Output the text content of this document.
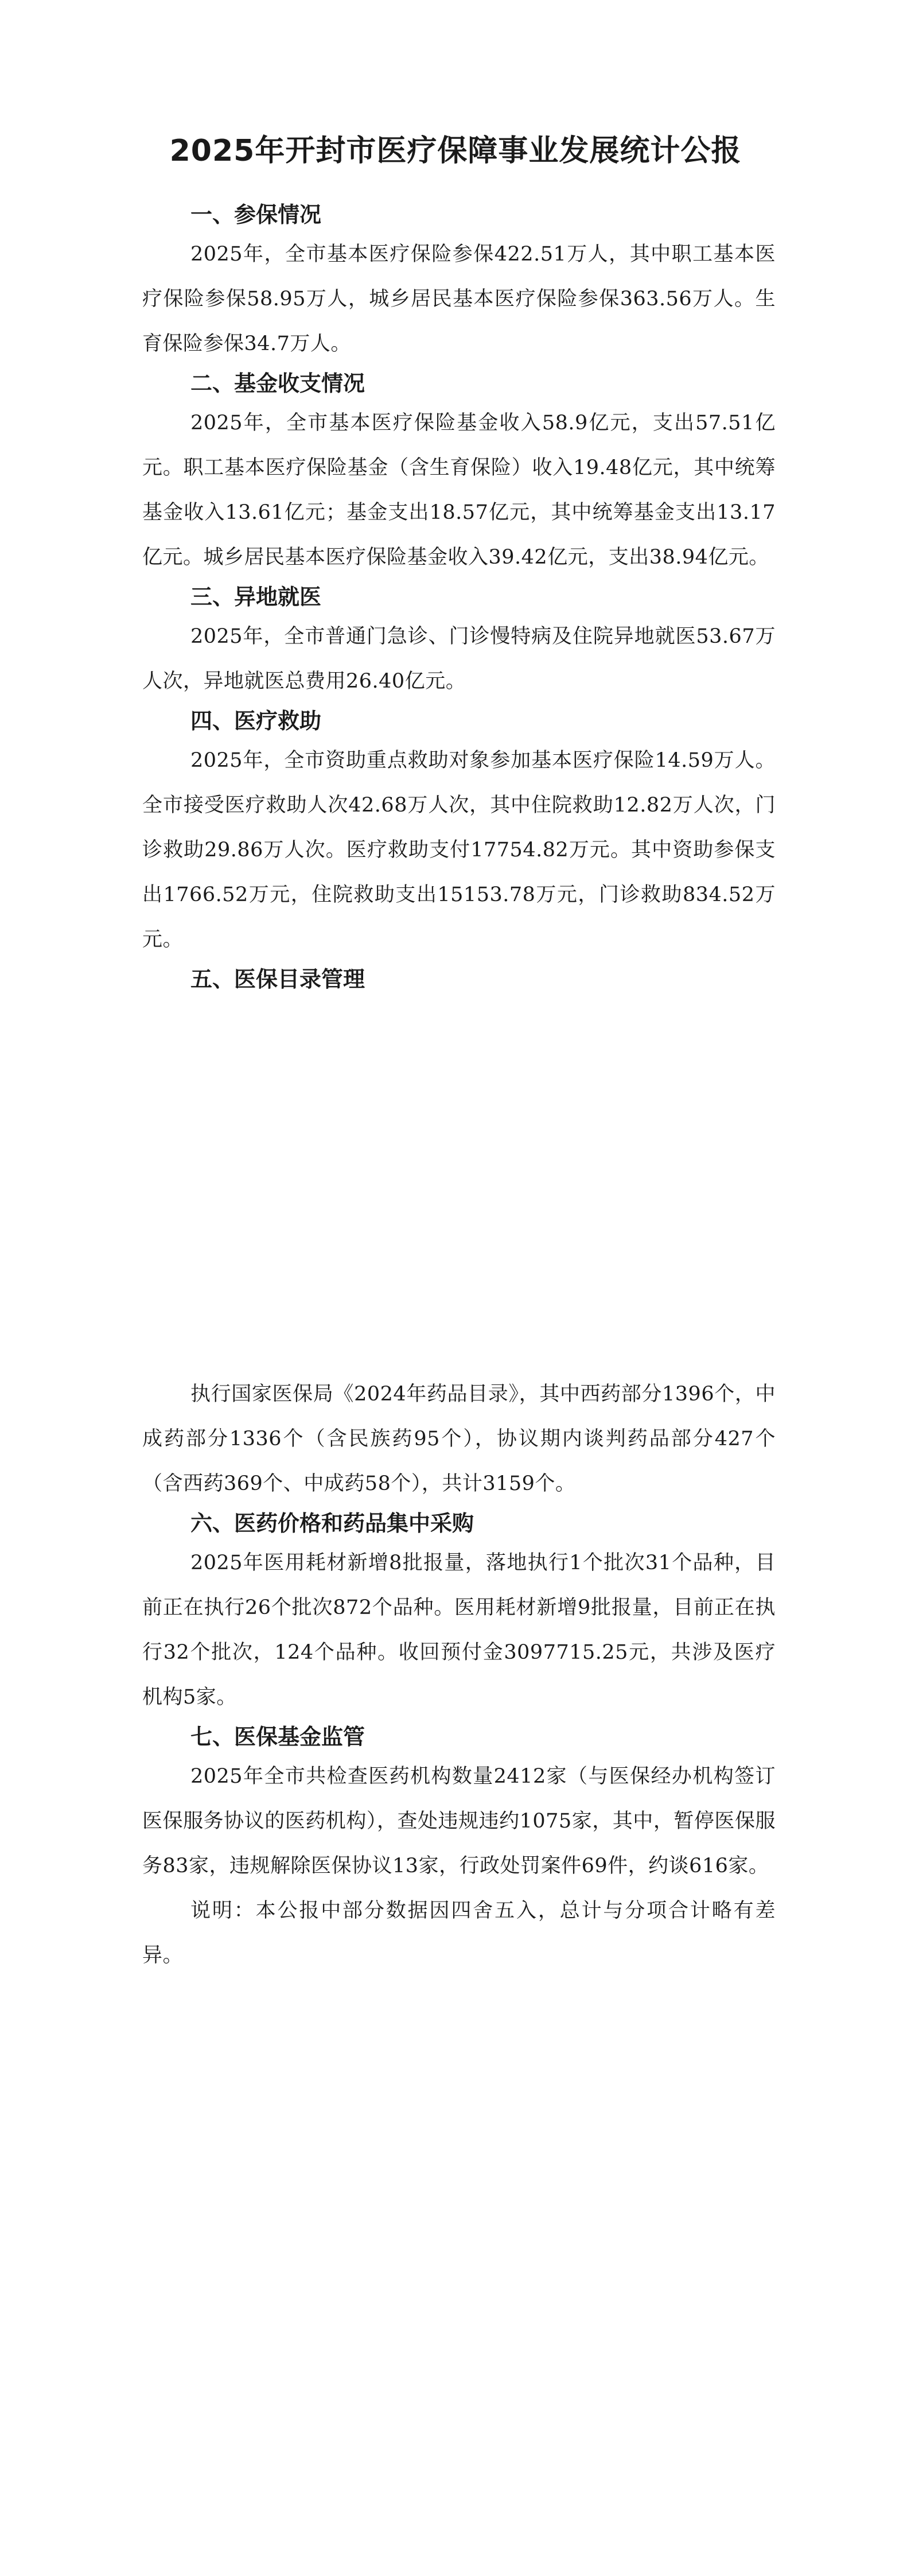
2025年开封市医疗保障事业发展统计公报
一、参保情况

2025年，全市基本医疗保险参保422.51万人，其中职工基本医疗保险参保58.95万人，城乡居民基本医疗保险参保363.56万人。生育保险参保34.7万人。

二、基金收支情况

2025年，全市基本医疗保险基金收入58.9亿元，支出57.51亿元。职工基本医疗保险基金（含生育保险）收入19.48亿元，其中统筹基金收入13.61亿元；基金支出18.57亿元，其中统筹基金支出13.17亿元。城乡居民基本医疗保险基金收入39.42亿元，支出38.94亿元。

三、异地就医

2025年，全市普通门急诊、门诊慢特病及住院异地就医53.67万人次，异地就医总费用26.40亿元。

四、医疗救助

2025年，全市资助重点救助对象参加基本医疗保险14.59万人。全市接受医疗救助人次42.68万人次，其中住院救助12.82万人次，门诊救助29.86万人次。医疗救助支付17754.82万元。其中资助参保支出1766.52万元，住院救助支出15153.78万元，门诊救助834.52万元。

五、医保目录管理

执行国家医保局《2024年药品目录》，其中西药部分1396个，中成药部分1336个（含民族药95个），协议期内谈判药品部分427个（含西药369个、中成药58个），共计3159个。

六、医药价格和药品集中采购

2025年医用耗材新增8批报量，落地执行1个批次31个品种，目前正在执行26个批次872个品种。医用耗材新增9批报量，目前正在执行32个批次，124个品种。收回预付金3097715.25元，共涉及医疗机构5家。

七、医保基金监管

2025年全市共检查医药机构数量2412家（与医保经办机构签订医保服务协议的医药机构），查处违规违约1075家，其中，暂停医保服务83家，违规解除医保协议13家，行政处罚案件69件，约谈616家。

说明：本公报中部分数据因四舍五入，总计与分项合计略有差异。
